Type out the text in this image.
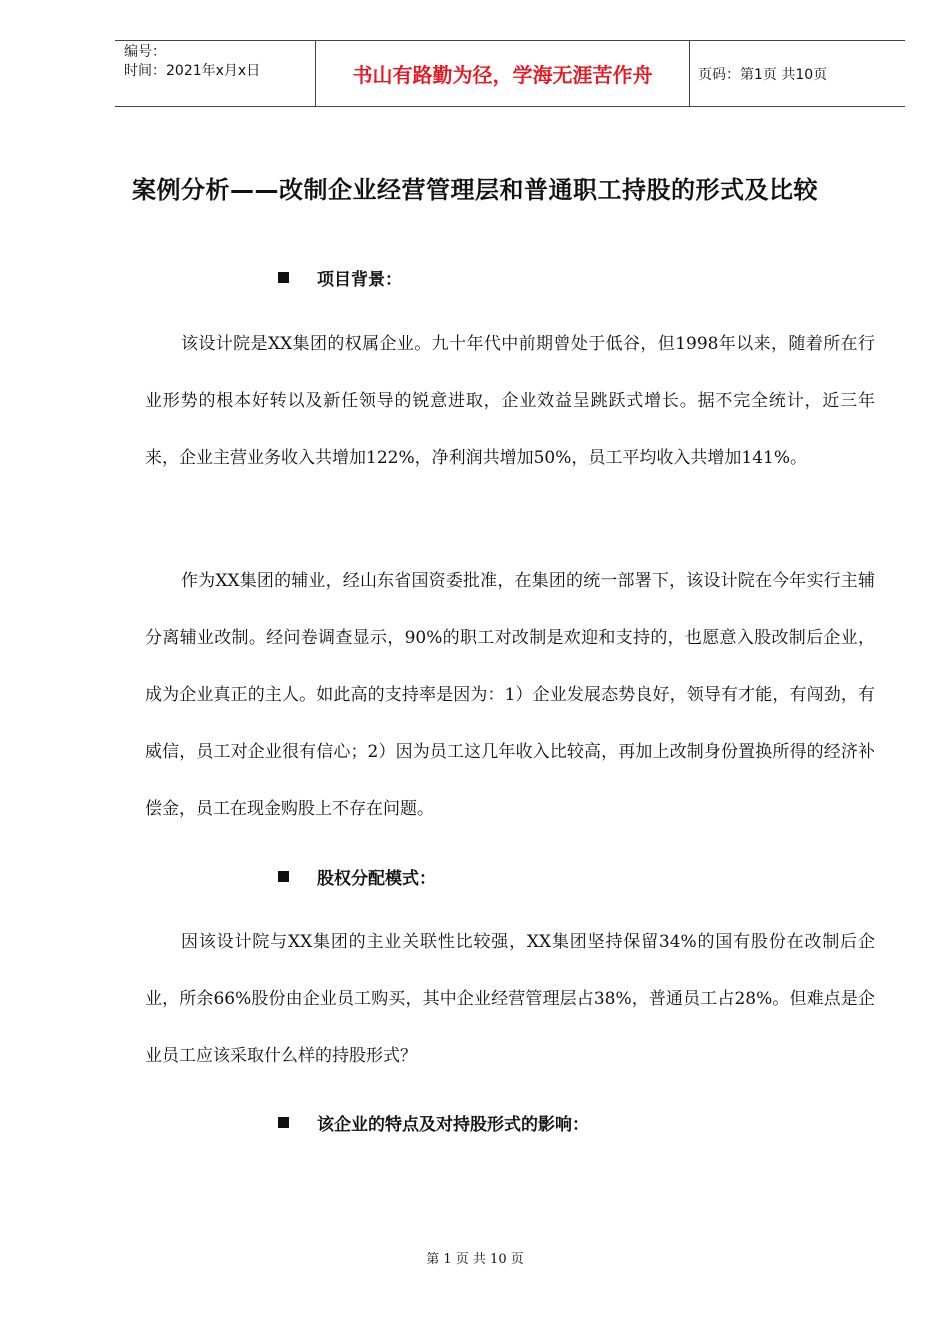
编号：
时间：2021年x月x日	书山有路勤为径，学海无涯苦作舟	页码：第1页 共10页
案例分析——改制企业经营管理层和普通职工持股的形式及比较
项目背景：
该设计院是XX集团的权属企业。九十年代中前期曾处于低谷，但1998年以来，随着所在行业形势的根本好转以及新任领导的锐意进取，企业效益呈跳跃式增长。据不完全统计，近三年来，企业主营业务收入共增加122%，净利润共增加50%，员工平均收入共增加141%。
作为XX集团的辅业，经山东省国资委批准，在集团的统一部署下，该设计院在今年实行主辅分离辅业改制。经问卷调查显示，90%的职工对改制是欢迎和支持的，也愿意入股改制后企业，成为企业真正的主人。如此高的支持率是因为：1）企业发展态势良好，领导有才能，有闯劲，有威信，员工对企业很有信心；2）因为员工这几年收入比较高，再加上改制身份置换所得的经济补偿金，员工在现金购股上不存在问题。
股权分配模式：
因该设计院与XX集团的主业关联性比较强，XX集团坚持保留34%的国有股份在改制后企业，所余66%股份由企业员工购买，其中企业经营管理层占38%，普通员工占28%。但难点是企业员工应该采取什么样的持股形式？
该企业的特点及对持股形式的影响：
第 1 页 共 10 页
